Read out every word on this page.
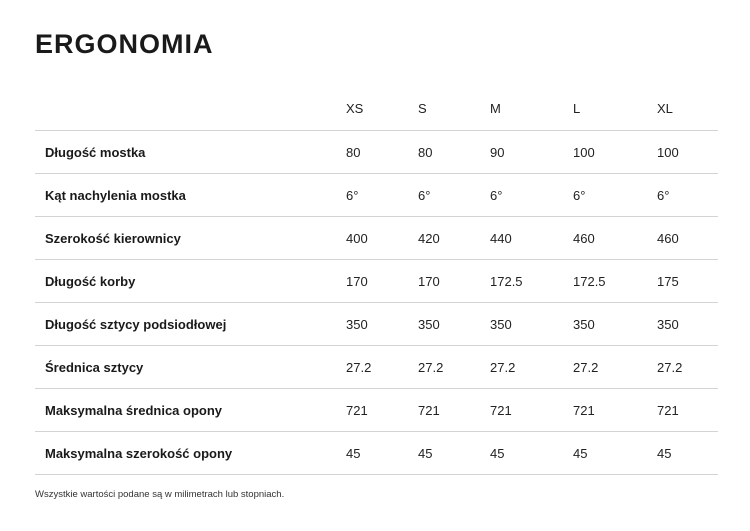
ERGONOMIA
	XS	S	M	L	XL
Długość mostka	80	80	90	100	100
Kąt nachylenia mostka	6°	6°	6°	6°	6°
Szerokość kierownicy	400	420	440	460	460
Długość korby	170	170	172.5	172.5	175
Długość sztycy podsiodłowej	350	350	350	350	350
Średnica sztycy	27.2	27.2	27.2	27.2	27.2
Maksymalna średnica opony	721	721	721	721	721
Maksymalna szerokość opony	45	45	45	45	45

Wszystkie wartości podane są w milimetrach lub stopniach.
